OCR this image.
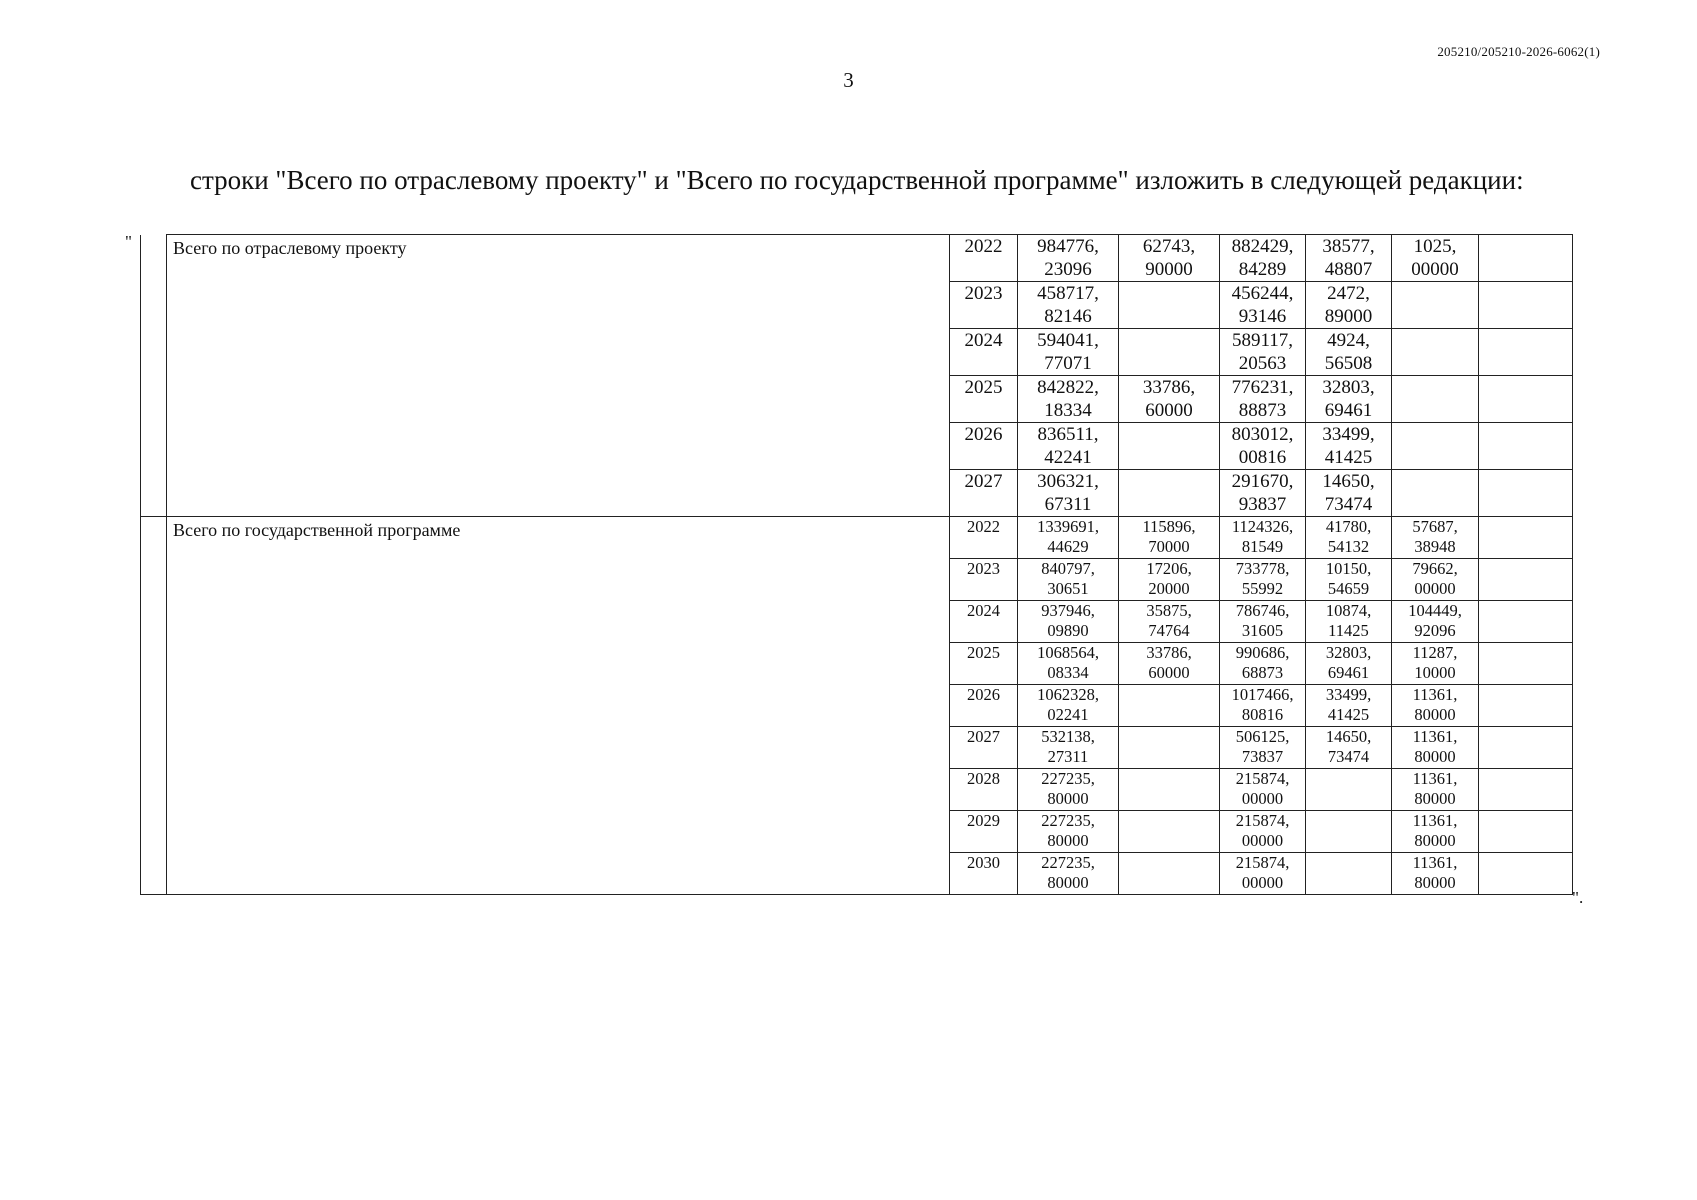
205210/205210-2026-6062(1)
3
строки "Всего по отраслевому проекту" и "Всего по государственной программе" изложить в следующей редакции:
"
".
	Всего по отраслевому проекту	2022	984776,
23096	62743,
90000	882429,
84289	38577,
48807	1025,
00000	

		2023	458717,
82146		456244,
93146	2472,
89000		

		2024	594041,
77071		589117,
20563	4924,
56508		

		2025	842822,
18334	33786,
60000	776231,
88873	32803,
69461		

		2026	836511,
42241		803012,
00816	33499,
41425		

		2027	306321,
67311		291670,
93837	14650,
73474		

	Всего по государственной программе	2022	1339691,
44629	115896,
70000	1124326,
81549	41780,
54132	57687,
38948	

		2023	840797,
30651	17206,
20000	733778,
55992	10150,
54659	79662,
00000	

		2024	937946,
09890	35875,
74764	786746,
31605	10874,
11425	104449,
92096	

		2025	1068564,
08334	33786,
60000	990686,
68873	32803,
69461	11287,
10000	

		2026	1062328,
02241		1017466,
80816	33499,
41425	11361,
80000	

		2027	532138,
27311		506125,
73837	14650,
73474	11361,
80000	

		2028	227235,
80000		215874,
00000		11361,
80000	

		2029	227235,
80000		215874,
00000		11361,
80000	

		2030	227235,
80000		215874,
00000		11361,
80000	
